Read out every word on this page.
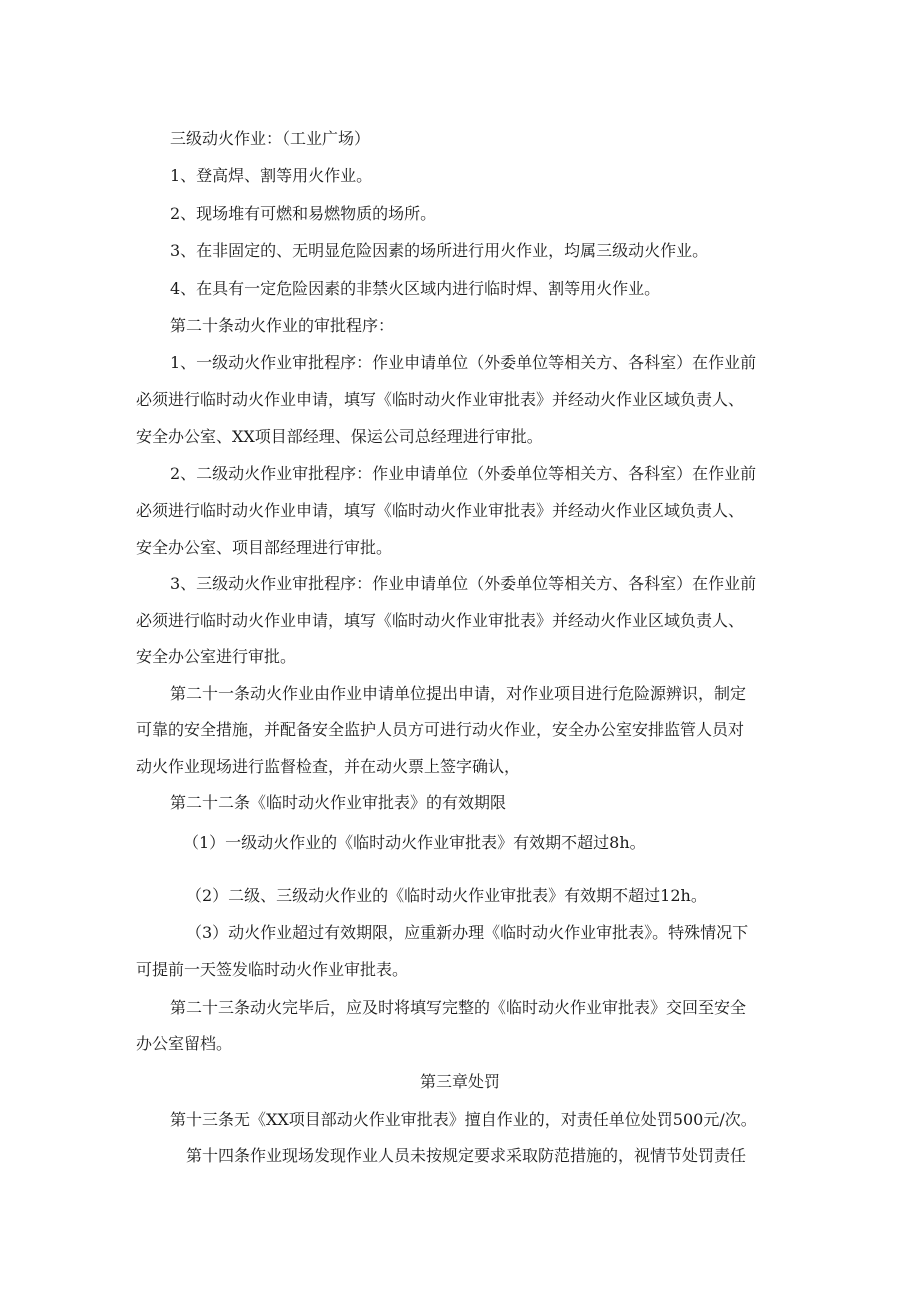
三级动火作业：（工业广场）
1、登高焊、割等用火作业。
2、现场堆有可燃和易燃物质的场所。
3、在非固定的、无明显危险因素的场所进行用火作业，均属三级动火作业。
4、在具有一定危险因素的非禁火区域内进行临时焊、割等用火作业。
第二十条动火作业的审批程序：
1、一级动火作业审批程序：作业申请单位（外委单位等相关方、各科室）在作业前
必须进行临时动火作业申请，填写《临时动火作业审批表》并经动火作业区域负责人、
安全办公室、XX项目部经理、保运公司总经理进行审批。
2、二级动火作业审批程序：作业申请单位（外委单位等相关方、各科室）在作业前
必须进行临时动火作业申请，填写《临时动火作业审批表》并经动火作业区域负责人、
安全办公室、项目部经理进行审批。
3、三级动火作业审批程序：作业申请单位（外委单位等相关方、各科室）在作业前
必须进行临时动火作业申请，填写《临时动火作业审批表》并经动火作业区域负责人、
安全办公室进行审批。
第二十一条动火作业由作业申请单位提出申请，对作业项目进行危险源辨识，制定
可靠的安全措施，并配备安全监护人员方可进行动火作业，安全办公室安排监管人员对
动火作业现场进行监督检查，并在动火票上签字确认，
第二十二条《临时动火作业审批表》的有效期限
（1）一级动火作业的《临时动火作业审批表》有效期不超过8h。
（2）二级、三级动火作业的《临时动火作业审批表》有效期不超过12h。
（3）动火作业超过有效期限，应重新办理《临时动火作业审批表》。特殊情况下
可提前一天签发临时动火作业审批表。
第二十三条动火完毕后，应及时将填写完整的《临时动火作业审批表》交回至安全
办公室留档。
第三章处罚
第十三条无《XX项目部动火作业审批表》擅自作业的，对责任单位处罚500元/次。
第十四条作业现场发现作业人员未按规定要求采取防范措施的，视情节处罚责任
